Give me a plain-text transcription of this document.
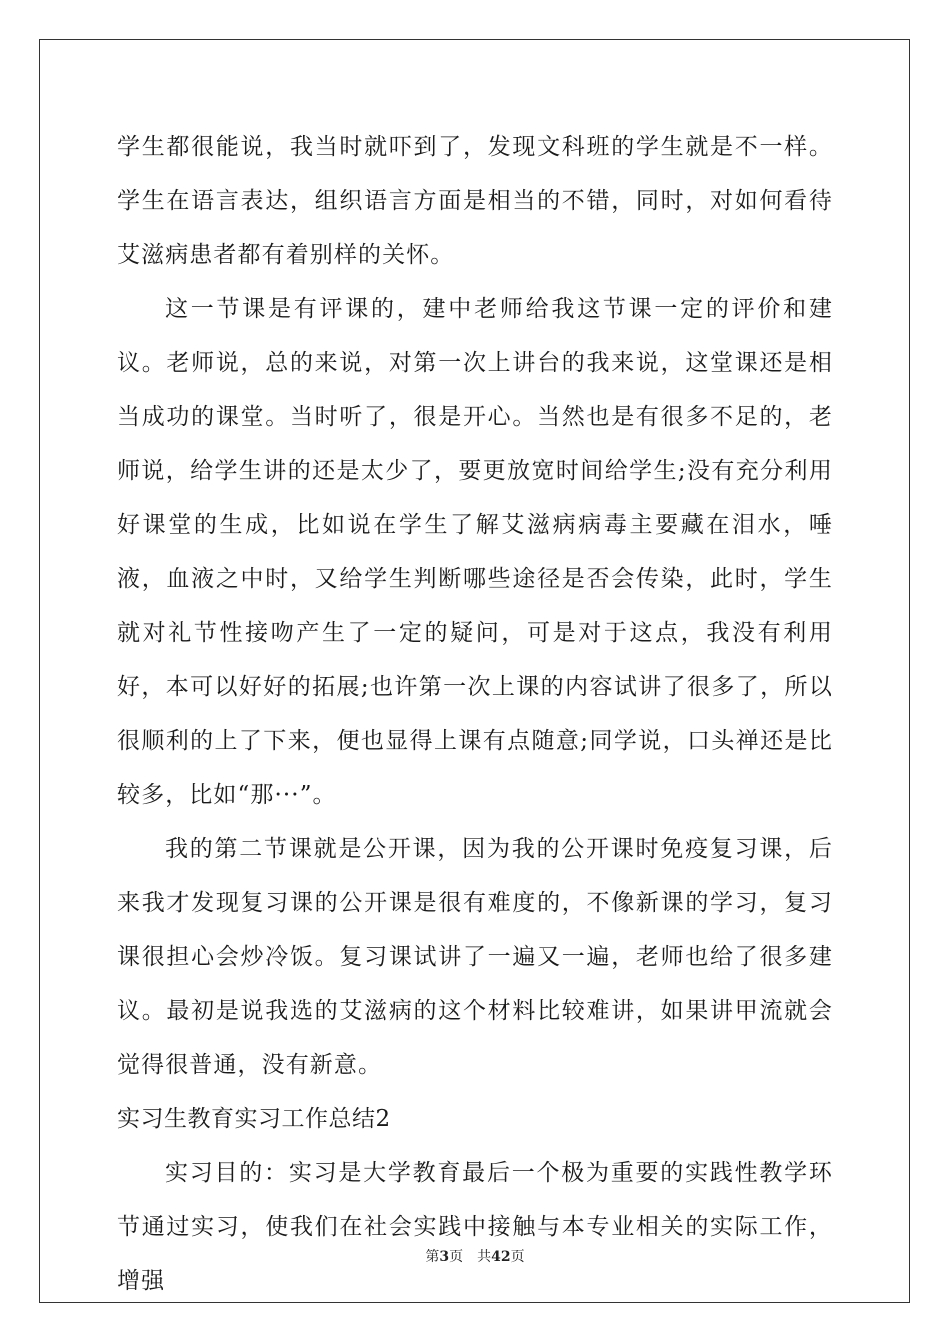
学生都很能说，我当时就吓到了，发现文科班的学生就是不一样。学生在语言表达，组织语言方面是相当的不错，同时，对如何看待艾滋病患者都有着别样的关怀。

这一节课是有评课的，建中老师给我这节课一定的评价和建议。老师说，总的来说，对第一次上讲台的我来说，这堂课还是相当成功的课堂。当时听了，很是开心。当然也是有很多不足的，老师说，给学生讲的还是太少了，要更放宽时间给学生;没有充分利用好课堂的生成，比如说在学生了解艾滋病病毒主要藏在泪水，唾液，血液之中时，又给学生判断哪些途径是否会传染，此时，学生就对礼节性接吻产生了一定的疑问，可是对于这点，我没有利用好，本可以好好的拓展;也许第一次上课的内容试讲了很多了，所以很顺利的上了下来，便也显得上课有点随意;同学说，口头禅还是比较多，比如“那···”。

我的第二节课就是公开课，因为我的公开课时免疫复习课，后来我才发现复习课的公开课是很有难度的，不像新课的学习，复习课很担心会炒冷饭。复习课试讲了一遍又一遍，老师也给了很多建议。最初是说我选的艾滋病的这个材料比较难讲，如果讲甲流就会觉得很普通，没有新意。

实习生教育实习工作总结2

实习目的：实习是大学教育最后一个极为重要的实践性教学环节通过实习，使我们在社会实践中接触与本专业相关的实际工作，增强

第3页 共42页
